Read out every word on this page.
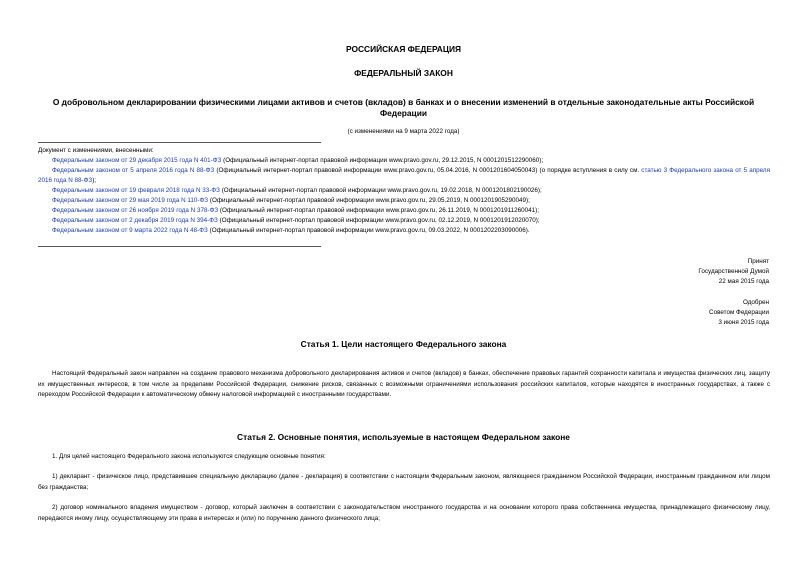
РОССИЙСКАЯ ФЕДЕРАЦИЯ
ФЕДЕРАЛЬНЫЙ ЗАКОН
О добровольном декларировании физическими лицами активов и счетов (вкладов) в банках и о внесении изменений в отдельные законодательные акты Российской Федерации
(с изменениями на 9 марта 2022 года)
Документ с изменениями, внесенными:
Федеральным законом от 29 декабря 2015 года N 401-ФЗ (Официальный интернет-портал правовой информации www.pravo.gov.ru, 29.12.2015, N 0001201512290060);
Федеральным законом от 5 апреля 2016 года N 88-ФЗ (Официальный интернет-портал правовой информации www.pravo.gov.ru, 05.04.2016, N 0001201604050043) (о порядке вступления в силу см. статью 3 Федерального закона от 5 апреля 2016 года N 88-ФЗ);
Федеральным законом от 19 февраля 2018 года N 33-ФЗ (Официальный интернет-портал правовой информации www.pravo.gov.ru, 19.02.2018, N 0001201802190026);
Федеральным законом от 29 мая 2019 года N 110-ФЗ (Официальный интернет-портал правовой информации www.pravo.gov.ru, 29.05.2019, N 0001201905290049);
Федеральным законом от 26 ноября 2019 года N 378-ФЗ (Официальный интернет-портал правовой информации www.pravo.gov.ru, 26.11.2019, N 0001201911260041);
Федеральным законом от 2 декабря 2019 года N 394-ФЗ (Официальный интернет-портал правовой информации www.pravo.gov.ru, 02.12.2019, N 0001201912020070);
Федеральным законом от 9 марта 2022 года N 48-ФЗ (Официальный интернет-портал правовой информации www.pravo.gov.ru, 09.03.2022, N 0001202203090006).
Принят
Государственной Думой
22 мая 2015 года
Одобрен
Советом Федерации
3 июня 2015 года
Статья 1. Цели настоящего Федерального закона
Настоящий Федеральный закон направлен на создание правового механизма добровольного декларирования активов и счетов (вкладов) в банках, обеспечение правовых гарантий сохранности капитала и имущества физических лиц, защиту их имущественных интересов, в том числе за пределами Российской Федерации, снижение рисков, связанных с возможными ограничениями использования российских капиталов, которые находятся в иностранных государствах, а также с переходом Российской Федерации к автоматическому обмену налоговой информацией с иностранными государствами.
Статья 2. Основные понятия, используемые в настоящем Федеральном законе
1. Для целей настоящего Федерального закона используются следующие основные понятия:
1) декларант - физическое лицо, представившее специальную декларацию (далее - декларация) в соответствии с настоящим Федеральным законом, являющееся гражданином Российской Федерации, иностранным гражданином или лицом без гражданства;
2) договор номинального владения имуществом - договор, который заключен в соответствии с законодательством иностранного государства и на основании которого права собственника имущества, принадлежащего физическому лицу, передаются иному лицу, осуществляющему эти права в интересах и (или) по поручению данного физического лица;
